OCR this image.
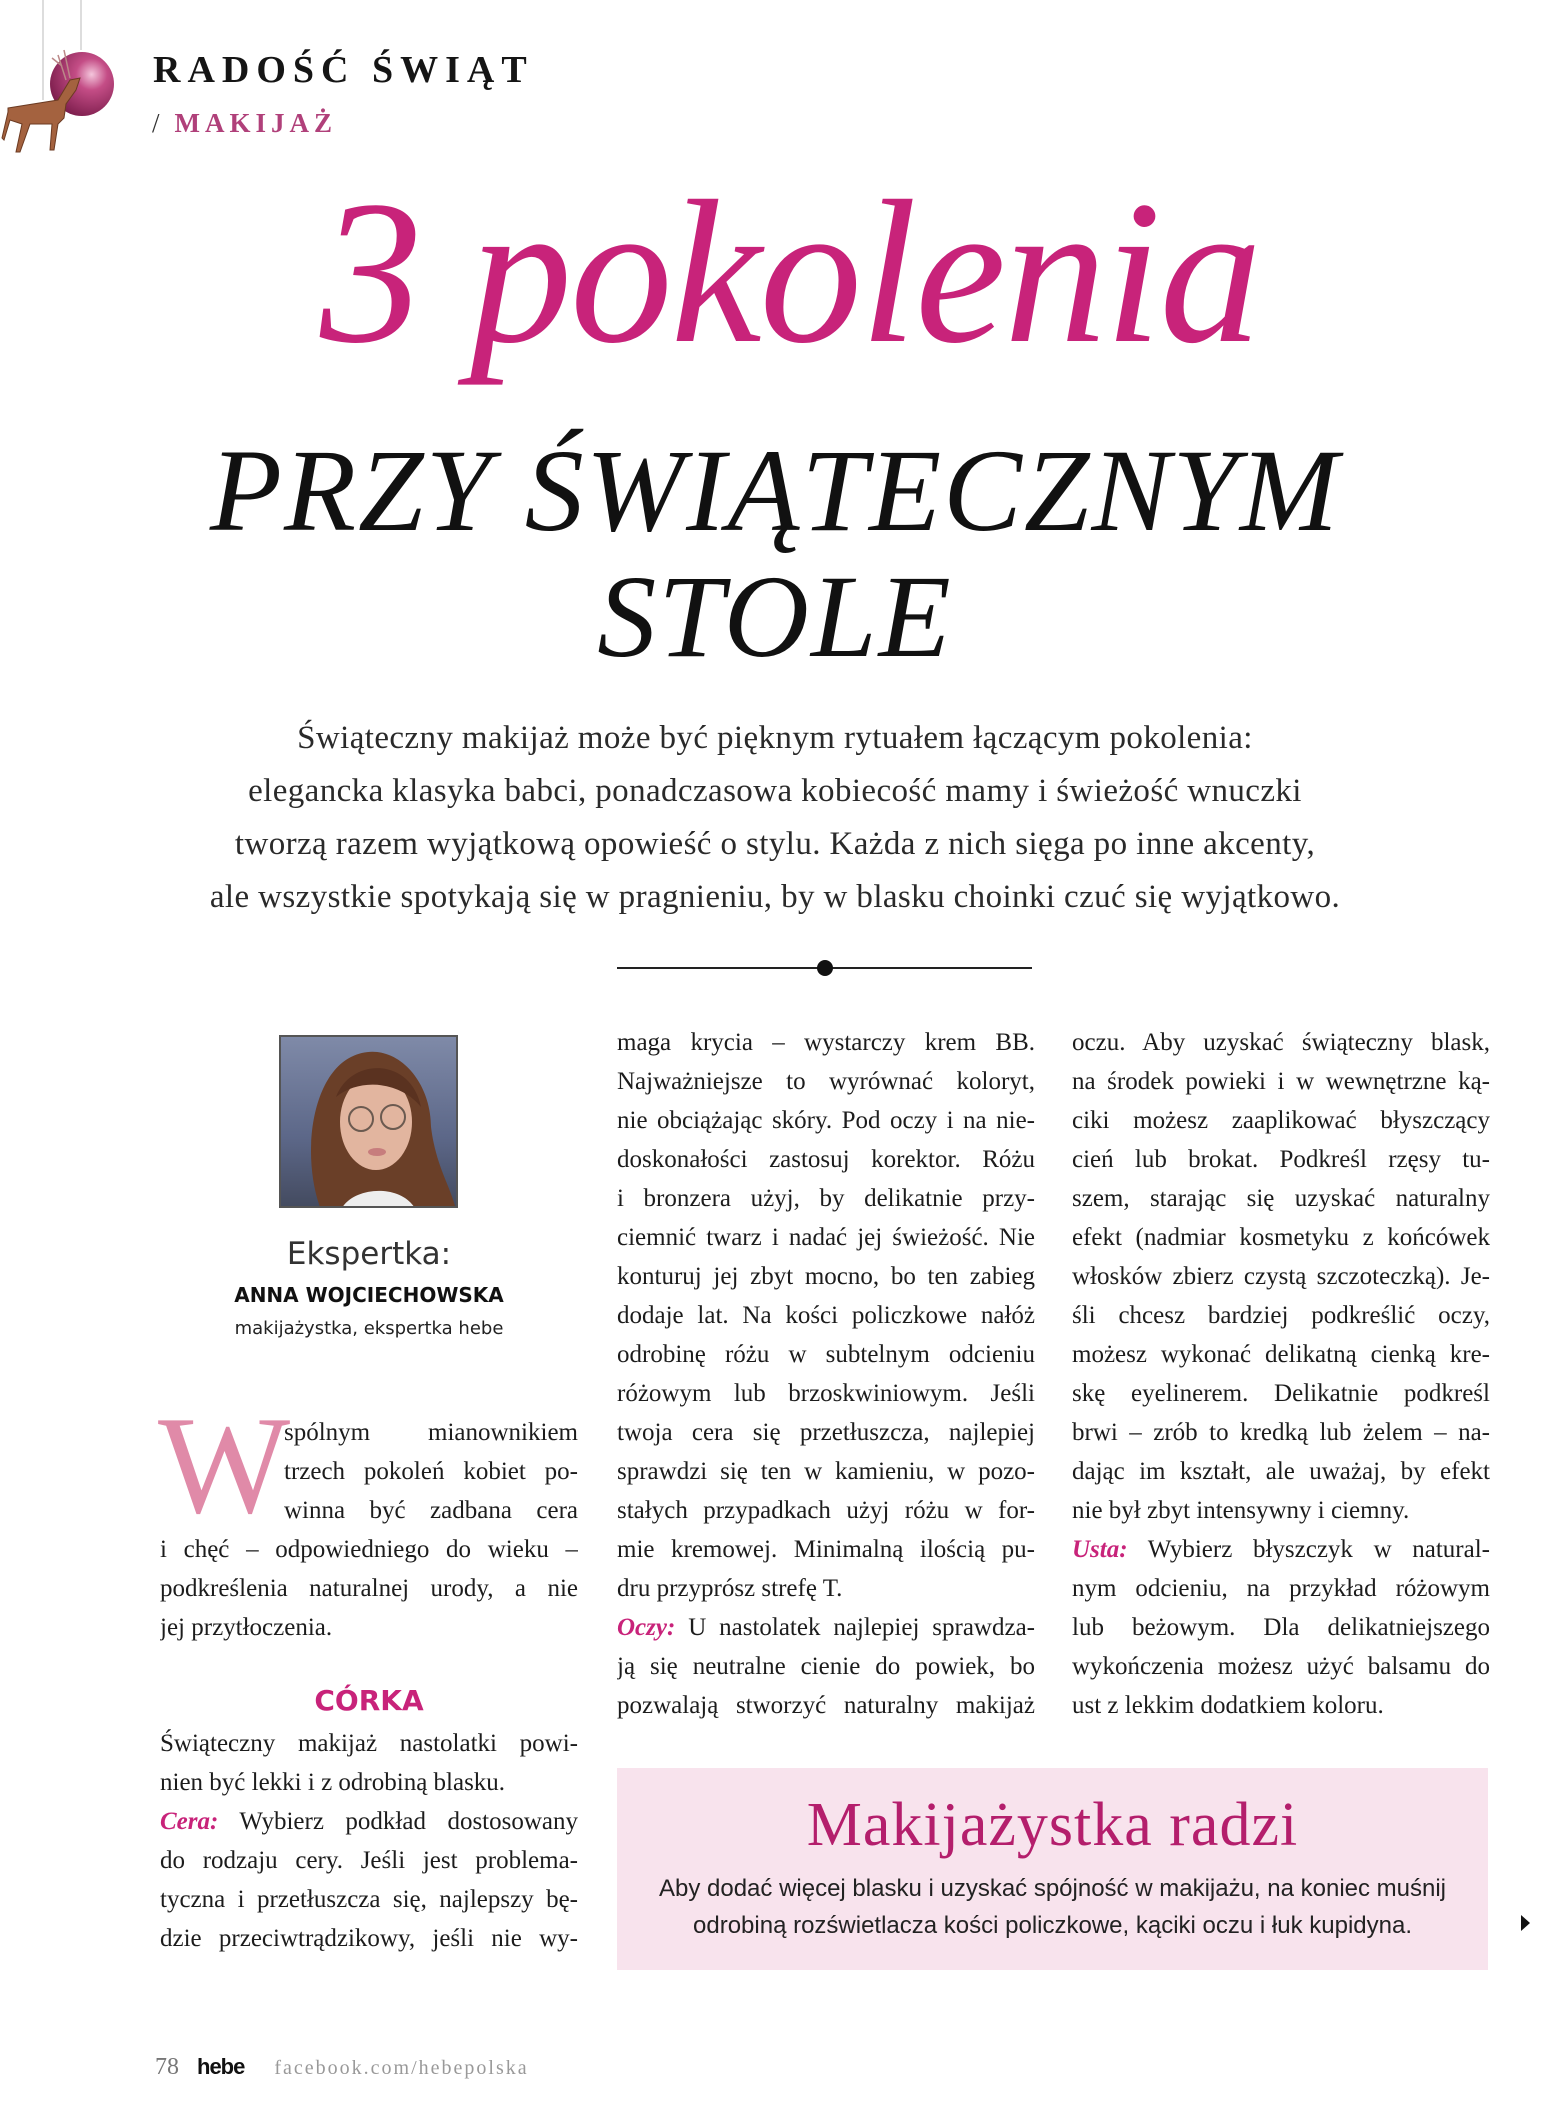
RADOŚĆ ŚWIĄT
/ MAKIJAŻ
3 pokolenia
PRZY ŚWIĄTECZNYM
STOLE
Świąteczny makijaż może być pięknym rytuałem łączącym pokolenia:
elegancka klasyka babci, ponadczasowa kobiecość mamy i świeżość wnuczki
tworzą razem wyjątkową opowieść o stylu. Każda z nich sięga po inne akcenty,
ale wszystkie spotykają się w pragnieniu, by w blasku choinki czuć się wyjątkowo.
Ekspertka:
ANNA WOJCIECHOWSKA
makijażystka, ekspertka hebe
W
CÓRKA
spólnym mianownikiem
trzech pokoleń kobiet po-
winna być zadbana cera
i chęć – odpowiedniego do wieku –
podkreślenia naturalnej urody, a nie
jej przytłoczenia.
Świąteczny makijaż nastolatki powi-
nien być lekki i z odrobiną blasku.
Cera: Wybierz podkład dostosowany
do rodzaju cery. Jeśli jest problema-
tyczna i przetłuszcza się, najlepszy bę-
dzie przeciwtrądzikowy, jeśli nie wy-
maga krycia – wystarczy krem BB.
Najważniejsze to wyrównać koloryt,
nie obciążając skóry. Pod oczy i na nie-
doskonałości zastosuj korektor. Różu
i bronzera użyj, by delikatnie przy-
ciemnić twarz i nadać jej świeżość. Nie
konturuj jej zbyt mocno, bo ten zabieg
dodaje lat. Na kości policzkowe nałóż
odrobinę różu w subtelnym odcieniu
różowym lub brzoskwiniowym. Jeśli
twoja cera się przetłuszcza, najlepiej
sprawdzi się ten w kamieniu, w pozo-
stałych przypadkach użyj różu w for-
mie kremowej. Minimalną ilością pu-
dru przyprósz strefę T.
Oczy: U nastolatek najlepiej sprawdza-
ją się neutralne cienie do powiek, bo
pozwalają stworzyć naturalny makijaż
oczu. Aby uzyskać świąteczny blask,
na środek powieki i w wewnętrzne ką-
ciki możesz zaaplikować błyszczący
cień lub brokat. Podkreśl rzęsy tu-
szem, starając się uzyskać naturalny
efekt (nadmiar kosmetyku z końcówek
włosków zbierz czystą szczoteczką). Je-
śli chcesz bardziej podkreślić oczy,
możesz wykonać delikatną cienką kre-
skę eyelinerem. Delikatnie podkreśl
brwi – zrób to kredką lub żelem – na-
dając im kształt, ale uważaj, by efekt
nie był zbyt intensywny i ciemny.
Usta: Wybierz błyszczyk w natural-
nym odcieniu, na przykład różowym
lub beżowym. Dla delikatniejszego
wykończenia możesz użyć balsamu do
ust z lekkim dodatkiem koloru.
Makijażystka radzi
Aby dodać więcej blasku i uzyskać spójność w makijażu, na koniec muśnij
odrobiną rozświetlacza kości policzkowe, kąciki oczu i łuk kupidyna.
78 hebe facebook.com/hebepolska
